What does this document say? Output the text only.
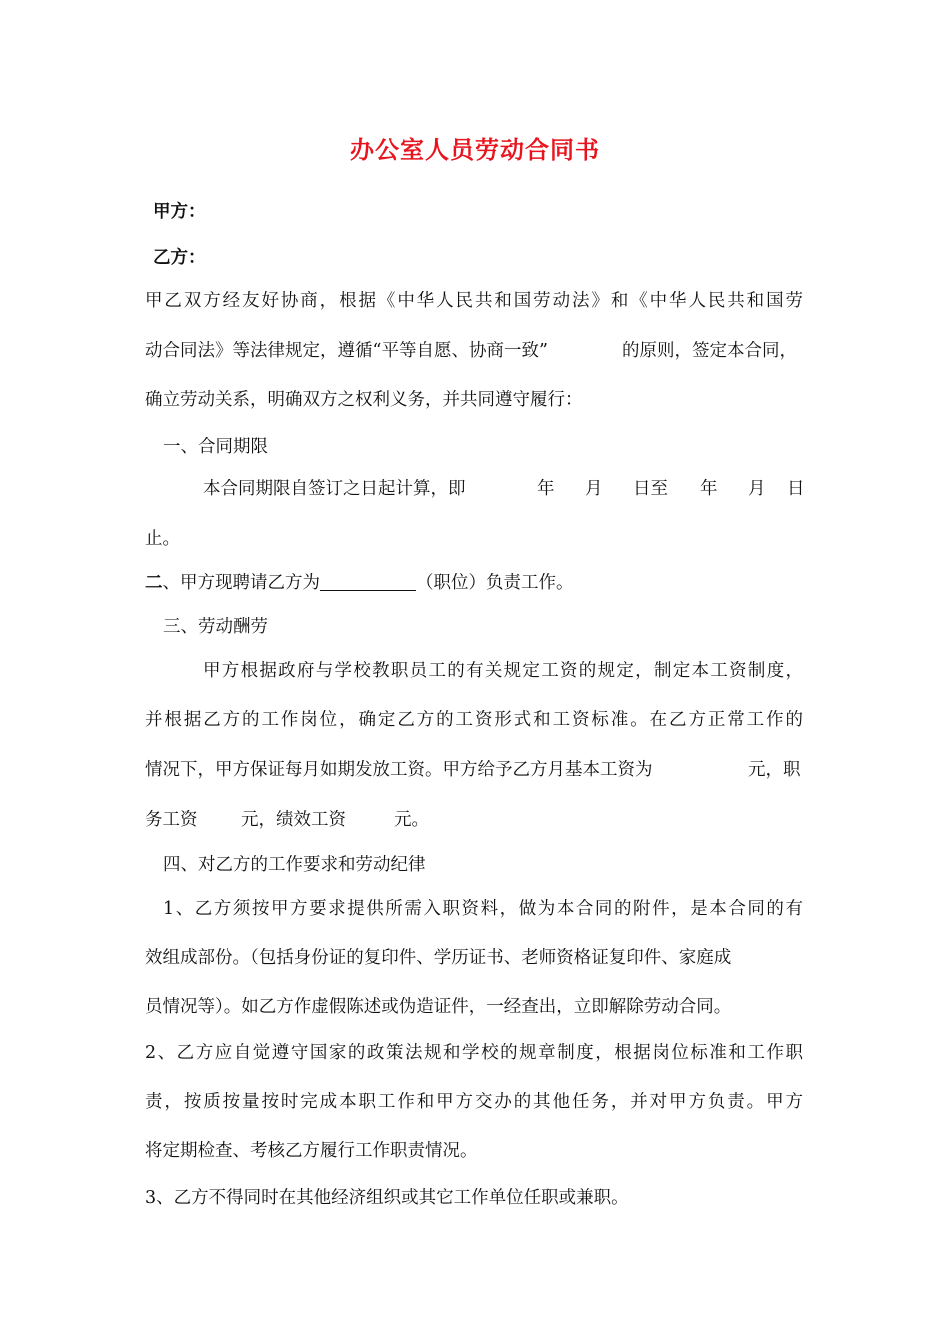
办公室人员劳动合同书
甲方：
乙方：
甲乙双方经友好协商，根据《中华人民共和国劳动法》和《中华人民共和国劳
动合同法》等法律规定，遵循“平等自愿、协商一致”	的原则，签定本合同，
确立劳动关系，明确双方之权利义务，并共同遵守履行：
一、合同期限
本合同期限自签订之日起计算，即	年 月 日至 年 月 日
止。
二、甲方现聘请乙方为	（职位）负责工作。
三、劳动酬劳
甲方根据政府与学校教职员工的有关规定工资的规定，制定本工资制度，
并根据乙方的工作岗位，确定乙方的工资形式和工资标准。在乙方正常工作的
情况下，甲方保证每月如期发放工资。甲方给予乙方月基本工资为	元，职
务工资 元，绩效工资	元。
四、对乙方的工作要求和劳动纪律
1、乙方须按甲方要求提供所需入职资料，做为本合同的附件，是本合同的有
效组成部份。（包括身份证的复印件、学历证书、老师资格证复印件、家庭成
员情况等）。如乙方作虚假陈述或伪造证件，一经查出，立即解除劳动合同。
2、乙方应自觉遵守国家的政策法规和学校的规章制度，根据岗位标准和工作职
责，按质按量按时完成本职工作和甲方交办的其他任务，并对甲方负责。甲方
将定期检查、考核乙方履行工作职责情况。
3、乙方不得同时在其他经济组织或其它工作单位任职或兼职。
